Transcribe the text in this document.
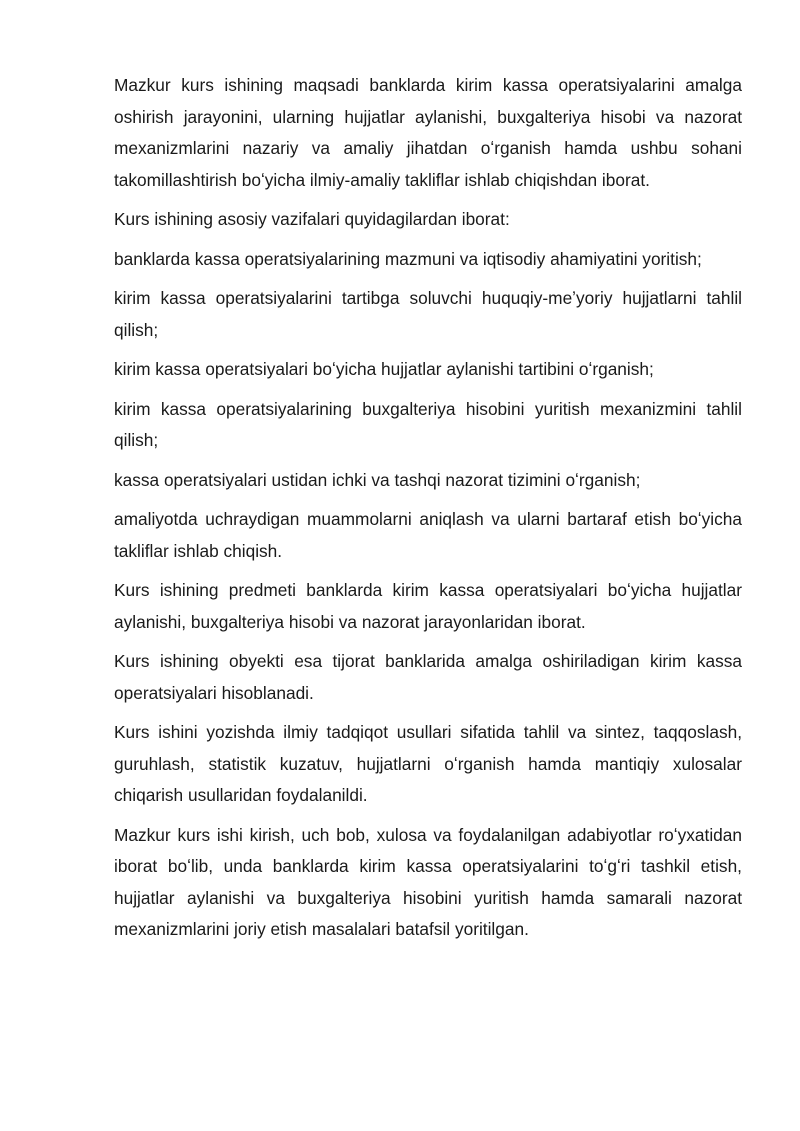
Mazkur kurs ishining maqsadi banklarda kirim kassa operatsiyalarini amalga oshirish jarayonini, ularning hujjatlar aylanishi, buxgalteriya hisobi va nazorat mexanizmlarini nazariy va amaliy jihatdan oʻrganish hamda ushbu sohani takomillashtirish boʻyicha ilmiy-amaliy takliflar ishlab chiqishdan iborat.

Kurs ishining asosiy vazifalari quyidagilardan iborat:

banklarda kassa operatsiyalarining mazmuni va iqtisodiy ahamiyatini yoritish;

kirim kassa operatsiyalarini tartibga soluvchi huquqiy-meʼyoriy hujjatlarni tahlil qilish;

kirim kassa operatsiyalari boʻyicha hujjatlar aylanishi tartibini oʻrganish;

kirim kassa operatsiyalarining buxgalteriya hisobini yuritish mexanizmini tahlil qilish;

kassa operatsiyalari ustidan ichki va tashqi nazorat tizimini oʻrganish;

amaliyotda uchraydigan muammolarni aniqlash va ularni bartaraf etish boʻyicha takliflar ishlab chiqish.

Kurs ishining predmeti banklarda kirim kassa operatsiyalari boʻyicha hujjatlar aylanishi, buxgalteriya hisobi va nazorat jarayonlaridan iborat.

Kurs ishining obyekti esa tijorat banklarida amalga oshiriladigan kirim kassa operatsiyalari hisoblanadi.

Kurs ishini yozishda ilmiy tadqiqot usullari sifatida tahlil va sintez, taqqoslash, guruhlash, statistik kuzatuv, hujjatlarni oʻrganish hamda mantiqiy xulosalar chiqarish usullaridan foydalanildi.

Mazkur kurs ishi kirish, uch bob, xulosa va foydalanilgan adabiyotlar roʻyxatidan iborat boʻlib, unda banklarda kirim kassa operatsiyalarini toʻgʻri tashkil etish, hujjatlar aylanishi va buxgalteriya hisobini yuritish hamda samarali nazorat mexanizmlarini joriy etish masalalari batafsil yoritilgan.
